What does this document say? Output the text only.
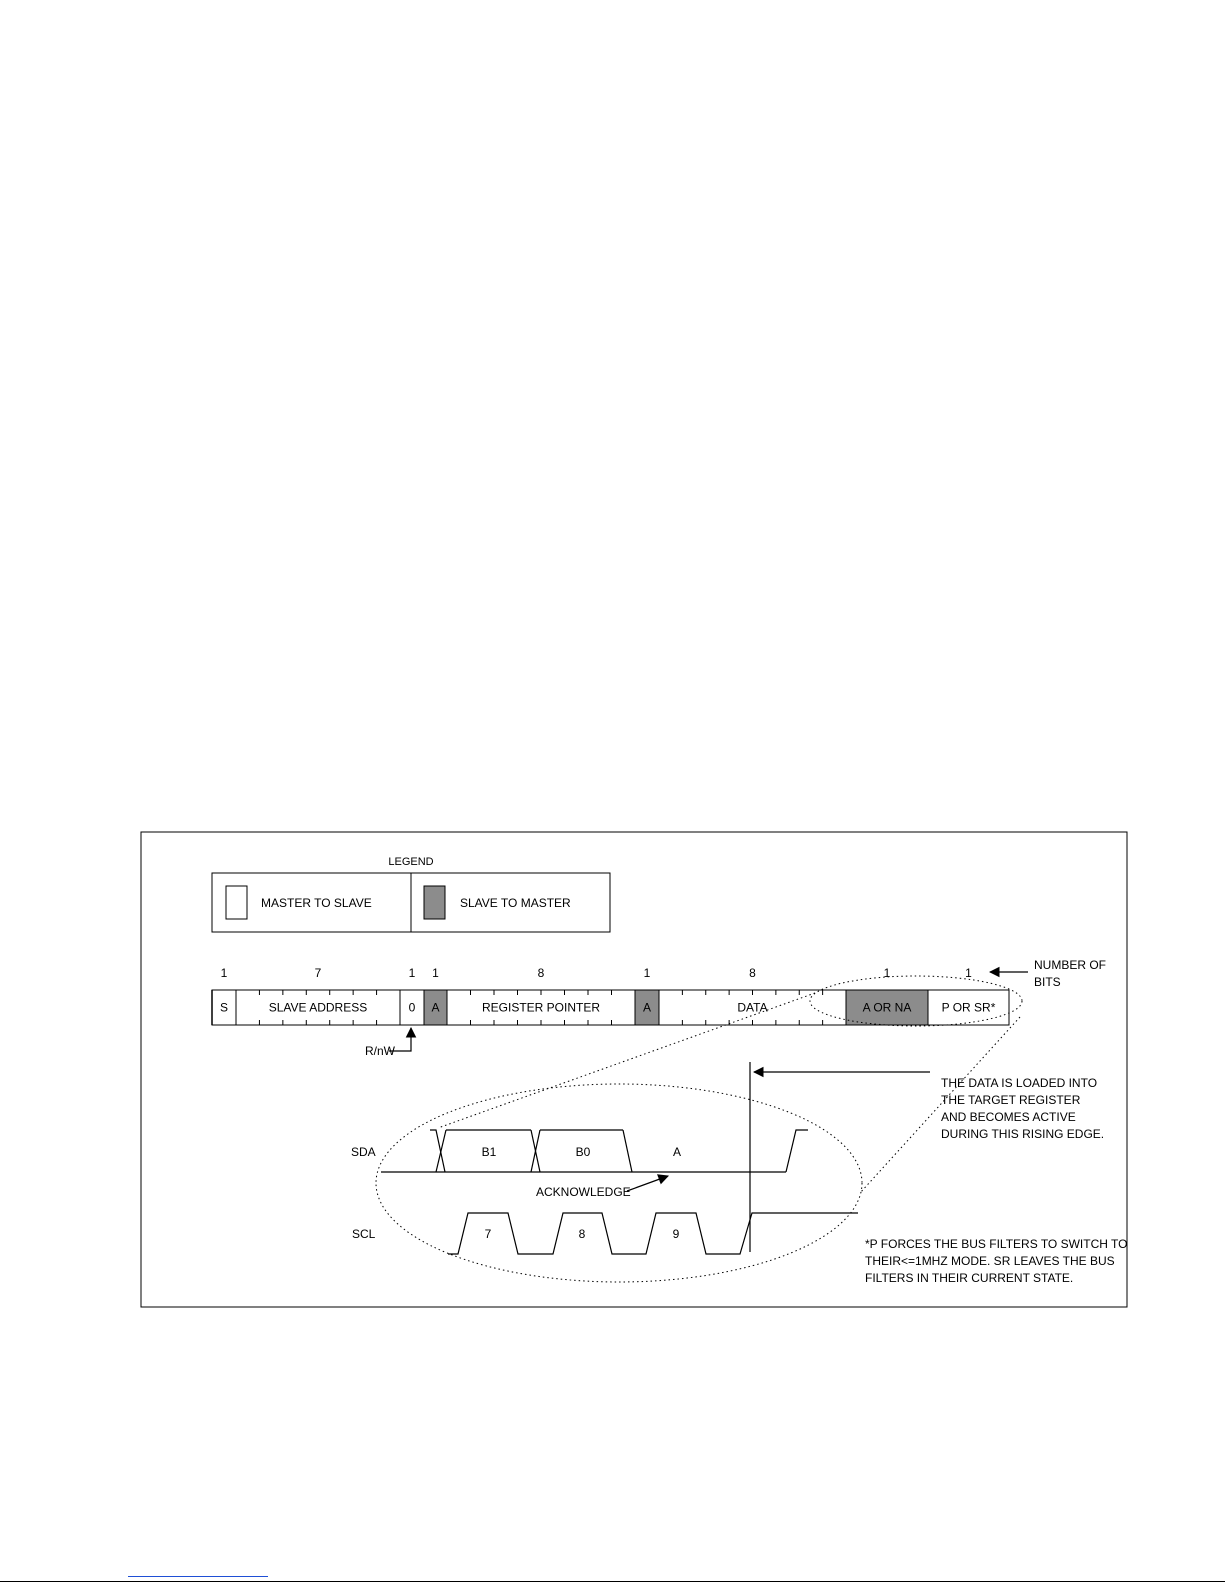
LEGEND
MASTER TO SLAVE	SLAVE TO MASTER
S
1
SLAVE ADDRESS
7
0
1
A
1
REGISTER POINTER
8
A
1
DATA
8
A OR NA
1
P OR SR*
1
NUMBER OF
BITS
R/nW
SDA
SCL
B1	B0	A
ACKNOWLEDGE
7	8	9
THE DATA IS LOADED INTO
THE TARGET REGISTER
AND BECOMES ACTIVE
DURING THIS RISING EDGE.
*P FORCES THE BUS FILTERS TO SWITCH TO
THEIR<=1MHZ MODE. SR LEAVES THE BUS
FILTERS IN THEIR CURRENT STATE.
